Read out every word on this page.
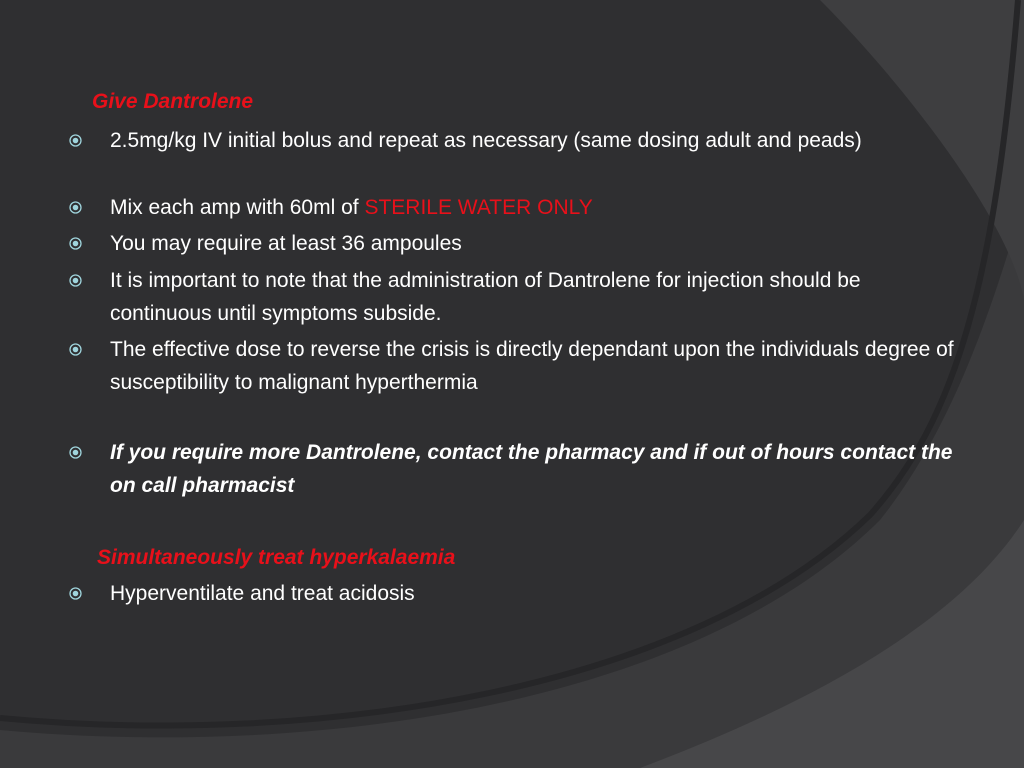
Give Dantrolene
2.5mg/kg IV initial bolus and repeat as necessary (same dosing adult and peads)
Mix each amp with 60ml of STERILE WATER ONLY
You may require at least 36 ampoules
It is important to note that the administration of Dantrolene for injection should be continuous until symptoms subside.
The effective dose to reverse the crisis is directly dependant upon the individuals degree of susceptibility to malignant hyperthermia
If you require more Dantrolene, contact the pharmacy and if out of hours contact the on call pharmacist
Simultaneously treat hyperkalaemia
Hyperventilate and treat acidosis
